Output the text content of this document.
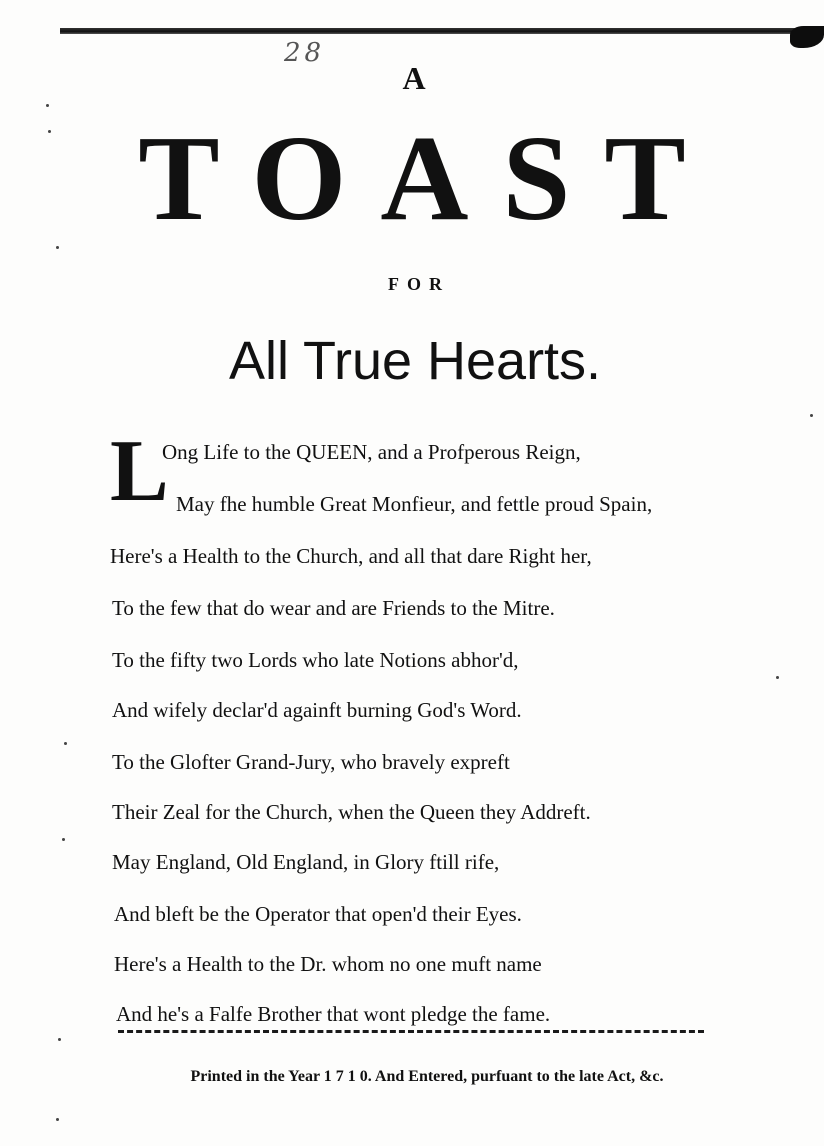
28
A
TOAST
FOR
All True Hearts.
L
Ong Life to the QUEEN, and a Profperous Reign,
May fhe humble Great Monfieur, and fettle proud Spain,
Here's a Health to the Church, and all that dare Right her,
To the few that do wear and are Friends to the Mitre.
To the fifty two Lords who late Notions abhor'd,
And wifely declar'd againft burning God's Word.
To the Glofter Grand-Jury, who bravely expreft
Their Zeal for the Church, when the Queen they Addreft.
May England, Old England, in Glory ftill rife,
And bleft be the Operator that open'd their Eyes.
Here's a Health to the Dr. whom no one muft name
And he's a Falfe Brother that wont pledge the fame.
Printed in the Year 1 7 1 0. And Entered, purfuant to the late Act, &c.
